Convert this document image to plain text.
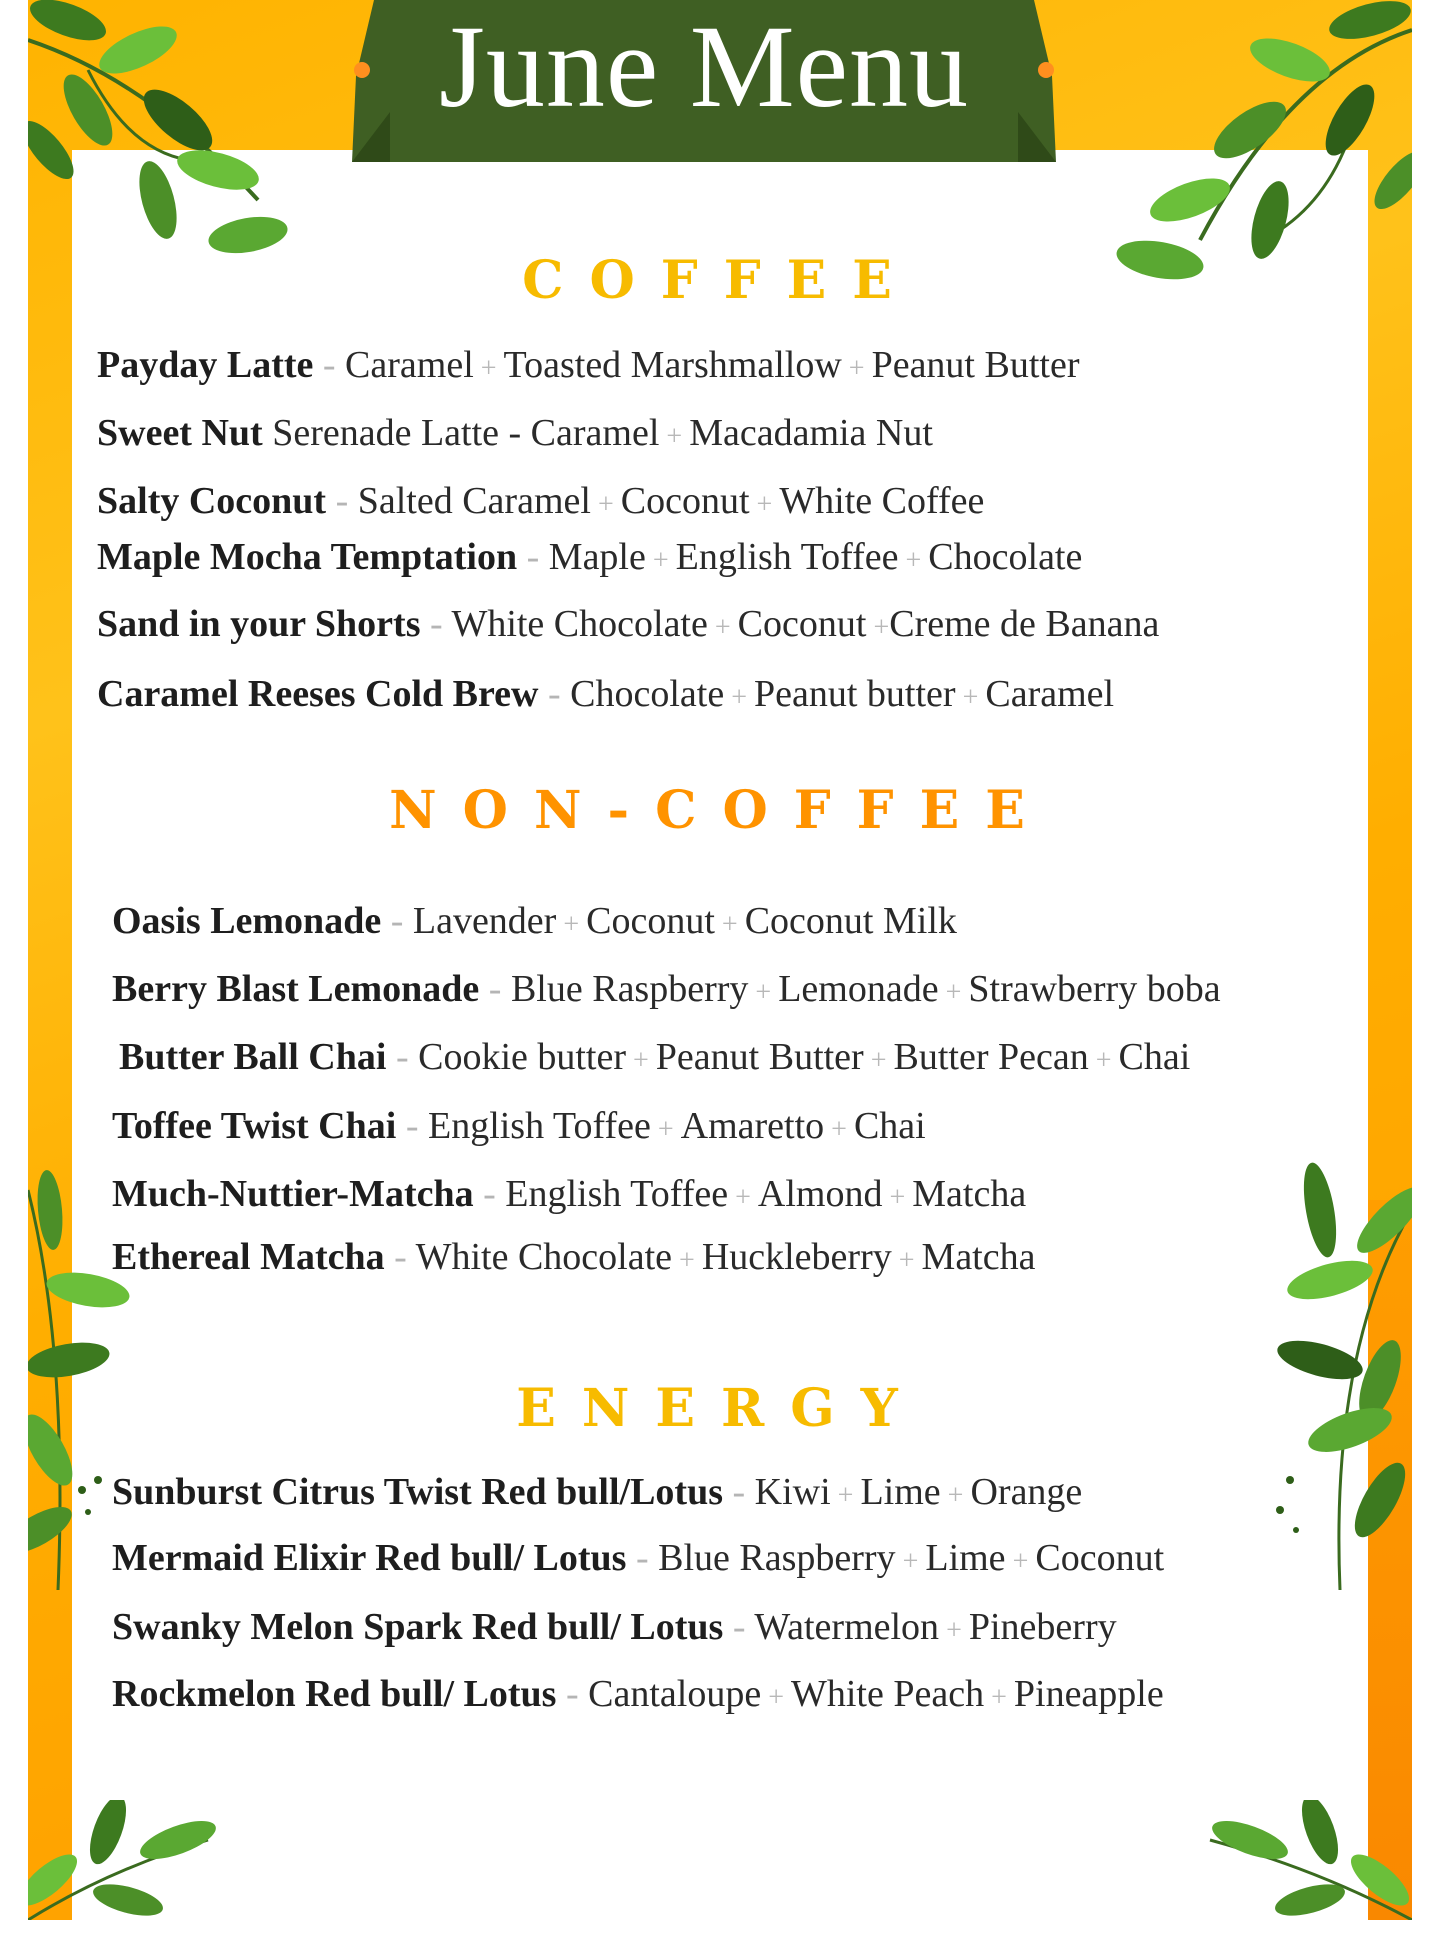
June Menu
COFFEE
NON-COFFEE
ENERGY
Payday Latte - Caramel + Toasted Marshmallow + Peanut Butter
Sweet Nut Serenade Latte - Caramel + Macadamia Nut
Salty Coconut - Salted Caramel + Coconut + White Coffee
Maple Mocha Temptation - Maple + English Toffee + Chocolate
Sand in your Shorts - White Chocolate + Coconut +Creme de Banana
Caramel Reeses Cold Brew - Chocolate + Peanut butter + Caramel
Oasis Lemonade - Lavender + Coconut + Coconut Milk
Berry Blast Lemonade - Blue Raspberry + Lemonade + Strawberry boba
Butter Ball Chai - Cookie butter + Peanut Butter + Butter Pecan + Chai
Toffee Twist Chai - English Toffee + Amaretto + Chai
Much-Nuttier-Matcha - English Toffee + Almond + Matcha
Ethereal Matcha - White Chocolate + Huckleberry + Matcha
Sunburst Citrus Twist Red bull/Lotus - Kiwi + Lime + Orange
Mermaid Elixir Red bull/ Lotus - Blue Raspberry + Lime + Coconut
Swanky Melon Spark Red bull/ Lotus - Watermelon + Pineberry
Rockmelon Red bull/ Lotus - Cantaloupe + White Peach + Pineapple
